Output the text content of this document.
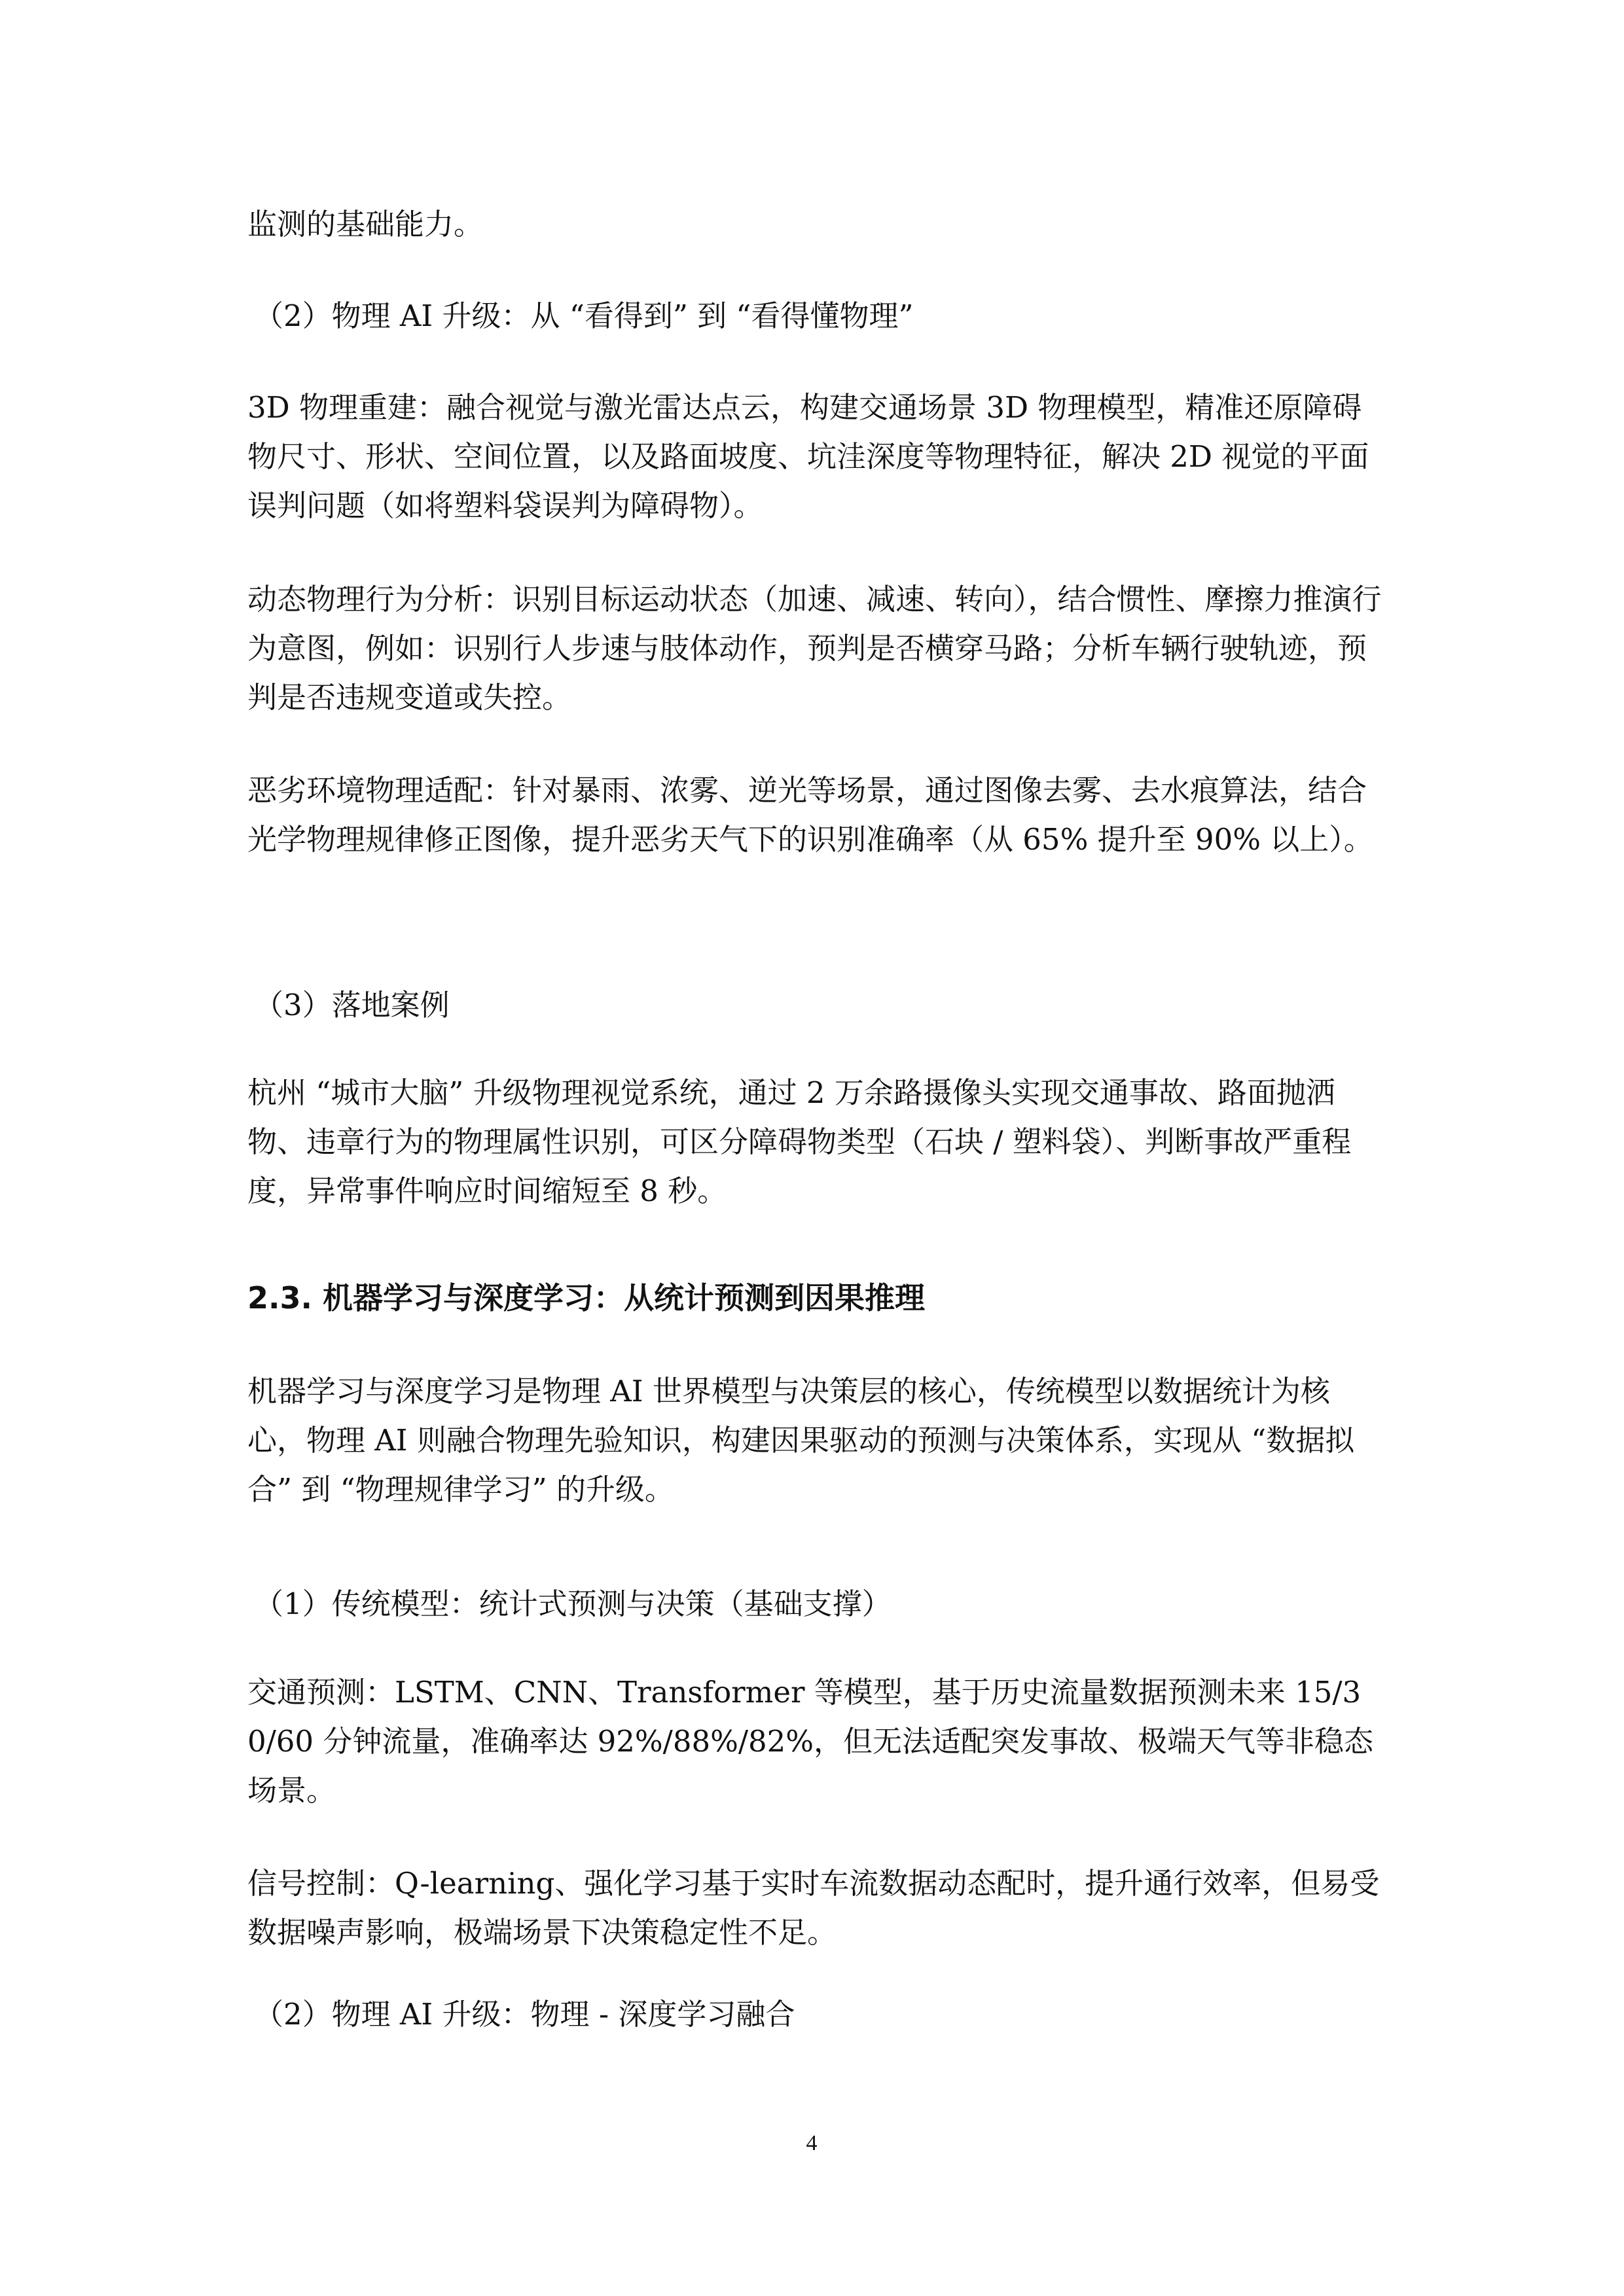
监测的基础能力。

（2）物理 AI 升级：从 “看得到” 到 “看得懂物理”

3D 物理重建：融合视觉与激光雷达点云，构建交通场景 3D 物理模型，精准还原障碍物尺寸、形状、空间位置，以及路面坡度、坑洼深度等物理特征，解决 2D 视觉的平面误判问题（如将塑料袋误判为障碍物）。

动态物理行为分析：识别目标运动状态（加速、减速、转向），结合惯性、摩擦力推演行为意图，例如：识别行人步速与肢体动作，预判是否横穿马路；分析车辆行驶轨迹，预判是否违规变道或失控。

恶劣环境物理适配：针对暴雨、浓雾、逆光等场景，通过图像去雾、去水痕算法，结合光学物理规律修正图像，提升恶劣天气下的识别准确率（从 65% 提升至 90% 以上）。

（3）落地案例

杭州 “城市大脑” 升级物理视觉系统，通过 2 万余路摄像头实现交通事故、路面抛洒物、违章行为的物理属性识别，可区分障碍物类型（石块 / 塑料袋）、判断事故严重程度，异常事件响应时间缩短至 8 秒。

2.3. 机器学习与深度学习：从统计预测到因果推理

机器学习与深度学习是物理 AI 世界模型与决策层的核心，传统模型以数据统计为核心，物理 AI 则融合物理先验知识，构建因果驱动的预测与决策体系，实现从 “数据拟合” 到 “物理规律学习” 的升级。

（1）传统模型：统计式预测与决策（基础支撑）

交通预测：LSTM、CNN、Transformer 等模型，基于历史流量数据预测未来 15/30/60 分钟流量，准确率达 92%/88%/82%，但无法适配突发事故、极端天气等非稳态场景。

信号控制：Q-learning、强化学习基于实时车流数据动态配时，提升通行效率，但易受数据噪声影响，极端场景下决策稳定性不足。

（2）物理 AI 升级：物理 - 深度学习融合

4
